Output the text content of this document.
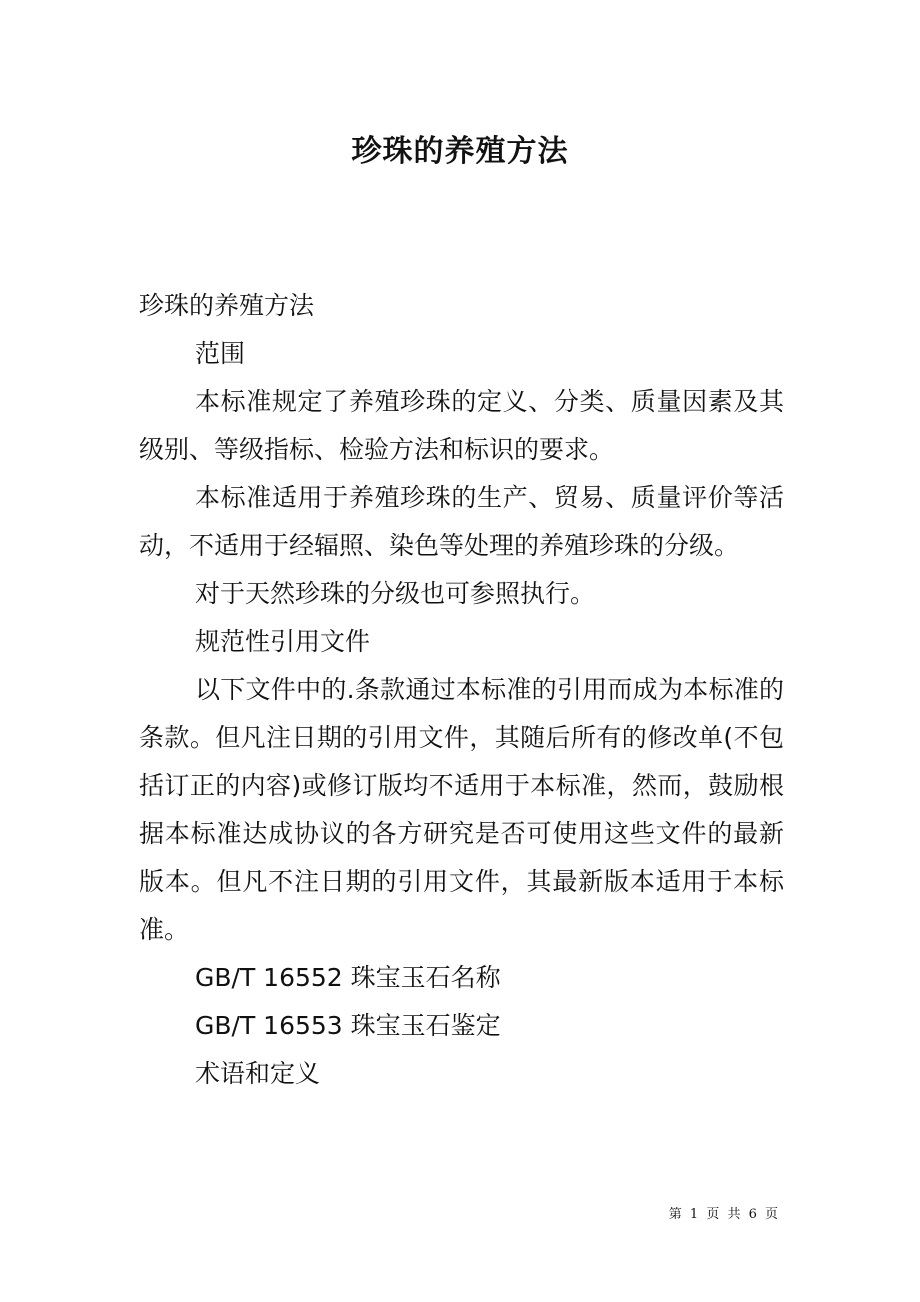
珍珠的养殖方法

珍珠的养殖方法

范围

本标准规定了养殖珍珠的定义、分类、质量因素及其级别、等级指标、检验方法和标识的要求。

本标准适用于养殖珍珠的生产、贸易、质量评价等活动，不适用于经辐照、染色等处理的养殖珍珠的分级。

对于天然珍珠的分级也可参照执行。

规范性引用文件

以下文件中的.条款通过本标准的引用而成为本标准的条款。但凡注日期的引用文件，其随后所有的修改单(不包括订正的内容)或修订版均不适用于本标准，然而，鼓励根据本标准达成协议的各方研究是否可使用这些文件的最新版本。但凡不注日期的引用文件，其最新版本适用于本标准。

GB/T 16552 珠宝玉石名称

GB/T 16553 珠宝玉石鉴定

术语和定义

第 1 页 共 6 页
